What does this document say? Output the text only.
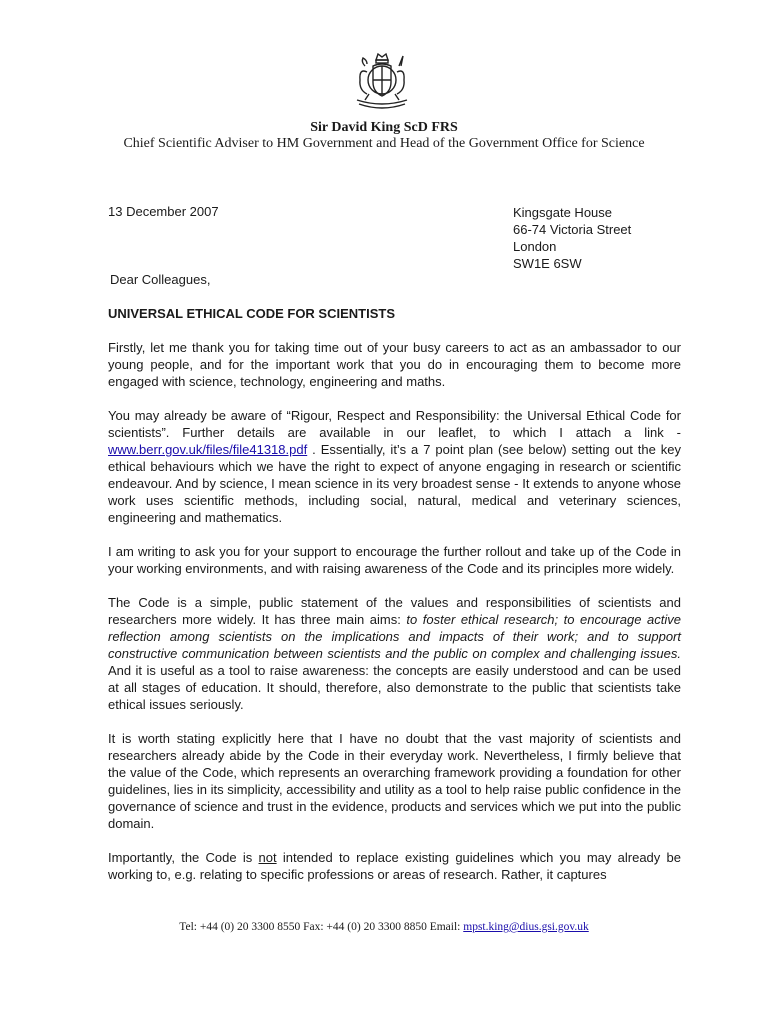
Sir David King ScD FRS
Chief Scientific Adviser to HM Government and Head of the Government Office for Science
13 December 2007	Kingsgate House
66-74 Victoria Street
London
SW1E 6SW
Dear Colleagues,
UNIVERSAL ETHICAL CODE FOR SCIENTISTS

Firstly, let me thank you for taking time out of your busy careers to act as an ambassador to our young people, and for the important work that you do in encouraging them to become more engaged with science, technology, engineering and maths.

You may already be aware of “Rigour, Respect and Responsibility: the Universal Ethical Code for scientists”. Further details are available in our leaflet, to which I attach a link - www.berr.gov.uk/files/file41318.pdf . Essentially, it’s a 7 point plan (see below) setting out the key ethical behaviours which we have the right to expect of anyone engaging in research or scientific endeavour. And by science, I mean science in its very broadest sense - It extends to anyone whose work uses scientific methods, including social, natural, medical and veterinary sciences, engineering and mathematics.

I am writing to ask you for your support to encourage the further rollout and take up of the Code in your working environments, and with raising awareness of the Code and its principles more widely.

The Code is a simple, public statement of the values and responsibilities of scientists and researchers more widely. It has three main aims: to foster ethical research; to encourage active reflection among scientists on the implications and impacts of their work; and to support constructive communication between scientists and the public on complex and challenging issues. And it is useful as a tool to raise awareness: the concepts are easily understood and can be used at all stages of education. It should, therefore, also demonstrate to the public that scientists take ethical issues seriously.

It is worth stating explicitly here that I have no doubt that the vast majority of scientists and researchers already abide by the Code in their everyday work. Nevertheless, I firmly believe that the value of the Code, which represents an overarching framework providing a foundation for other guidelines, lies in its simplicity, accessibility and utility as a tool to help raise public confidence in the governance of science and trust in the evidence, products and services which we put into the public domain.

Importantly, the Code is not intended to replace existing guidelines which you may already be working to, e.g. relating to specific professions or areas of research. Rather, it captures

Tel: +44 (0) 20 3300 8550 Fax: +44 (0) 20 3300 8850 Email: mpst.king@dius.gsi.gov.uk
